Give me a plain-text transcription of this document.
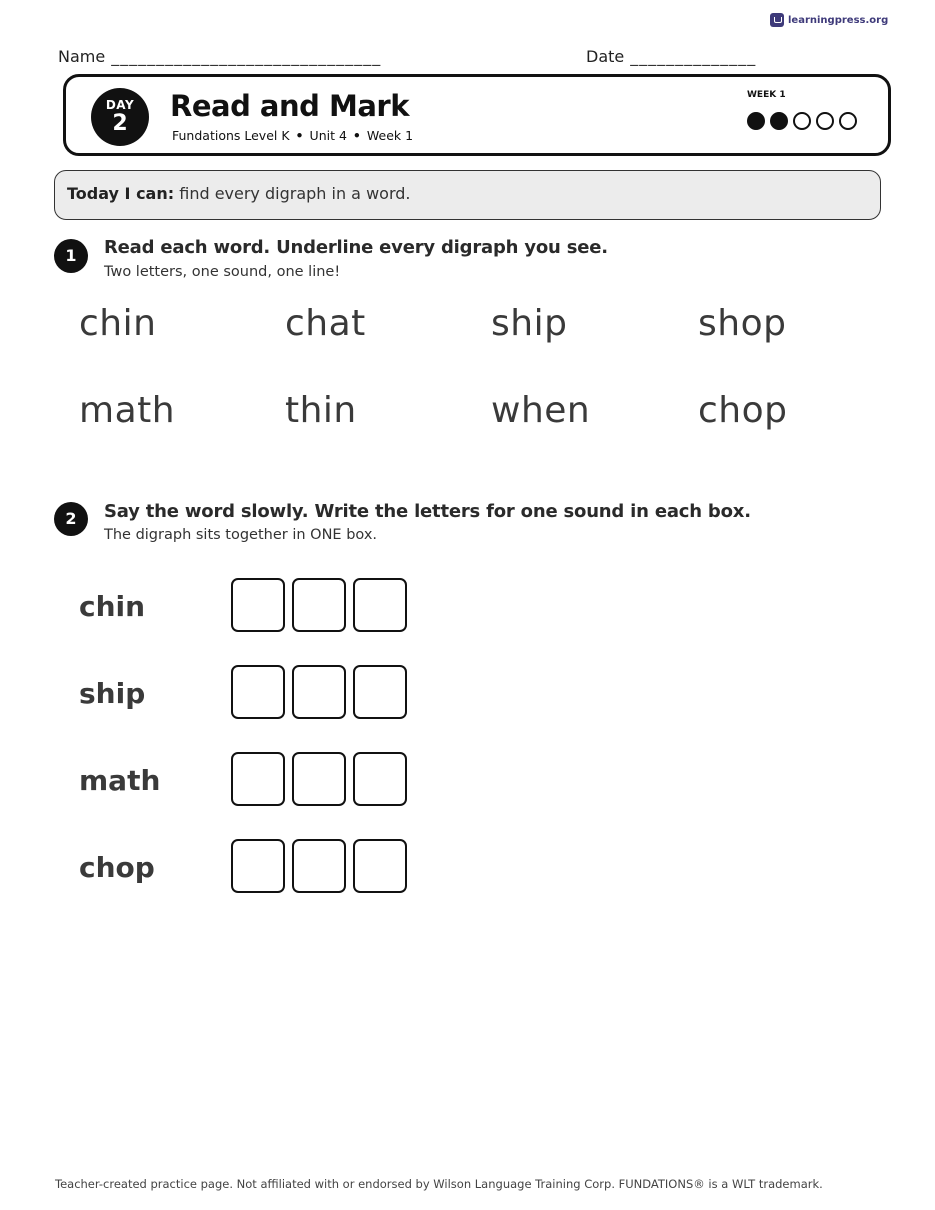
learningpress.org
Name ______________________________	Date ______________
DAY
2
Read and Mark
Fundations Level K • Unit 4 • Week 1
WEEK 1
Today I can: find every digraph in a word.
1	Read each word. Underline every digraph you see.
Two letters, one sound, one line!
chin	chat	ship	shop
math	thin	when	chop
2	Say the word slowly. Write the letters for one sound in each box.
The digraph sits together in ONE box.
chin
ship
math
chop
Teacher-created practice page. Not affiliated with or endorsed by Wilson Language Training Corp. FUNDATIONS® is a WLT trademark.
